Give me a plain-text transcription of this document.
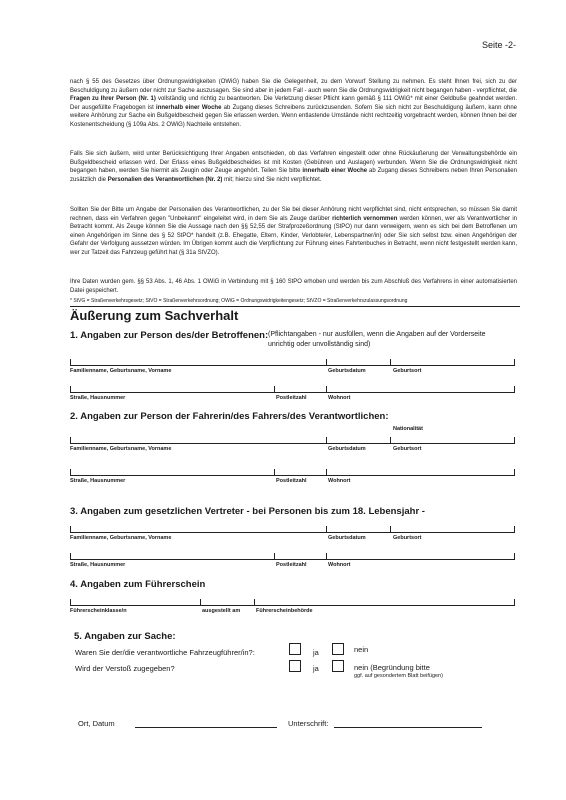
Seite -2-

nach § 55 des Gesetzes über Ordnungswidrigkeiten (OWiG) haben Sie die Gelegenheit, zu dem Vorwurf Stellung zu nehmen. Es steht Ihnen frei, sich zu der Beschuldigung zu äußern oder nicht zur Sache auszusagen. Sie sind aber in jedem Fall - auch wenn Sie die Ordnungswidrigkeit nicht begangen haben - verpflichtet, die Fragen zu Ihrer Person (Nr. 1) vollständig und richtig zu beantworten. Die Verletzung dieser Pflicht kann gemäß § 111 OWiG* mit einer Geldbuße geahndet werden. Der ausgefüllte Fragebogen ist innerhalb einer Woche ab Zugang dieses Schreibens zurückzusenden. Sofern Sie sich nicht zur Beschuldigung äußern, kann ohne weitere Anhörung zur Sache ein Bußgeldbescheid gegen Sie erlassen werden. Wenn entlastende Umstände nicht rechtzeitig vorgebracht werden, können Ihnen bei der Kostenentscheidung (§ 109a Abs. 2 OWiG) Nachteile entstehen.

Falls Sie sich äußern, wird unter Berücksichtigung Ihrer Angaben entschieden, ob das Verfahren eingestellt oder ohne Rückäußerung der Verwaltungsbehörde ein Bußgeldbescheid erlassen wird. Der Erlass eines Bußgeldbescheides ist mit Kosten (Gebühren und Auslagen) verbunden. Wenn Sie die Ordnungswidrigkeit nicht begangen haben, werden Sie hiermit als Zeugin oder Zeuge angehört. Teilen Sie bitte innerhalb einer Woche ab Zugang dieses Schreibens neben Ihren Personalien zusätzlich die Personalien des Verantwortlichen (Nr. 2) mit; hierzu sind Sie nicht verpflichtet.

Sollten Sie der Bitte um Angabe der Personalien des Verantwortlichen, zu der Sie bei dieser Anhörung nicht verpflichtet sind, nicht entsprechen, so müssen Sie damit rechnen, dass ein Verfahren gegen "Unbekannt" eingeleitet wird, in dem Sie als Zeuge darüber richterlich vernommen werden können, wer als Verantwortlicher in Betracht kommt. Als Zeuge können Sie die Aussage nach den §§ 52,55 der Strafprozeßordnung (StPO) nur dann verweigern, wenn es sich bei dem Betroffenen um einen Angehörigen im Sinne des § 52 StPO* handelt (z.B. Ehegatte, Eltern, Kinder, Verlobte/er, Lebenspartner/in) oder Sie sich selbst bzw. einen Angehörigen der Gefahr der Verfolgung aussetzen würden. Im Übrigen kommt auch die Verpflichtung zur Führung eines Fahrtenbuches in Betracht, wenn nicht festgestellt werden kann, wer zur Tatzeit das Fahrzeug geführt hat (§ 31a StVZO).

Ihre Daten wurden gem. §§ 53 Abs. 1, 46 Abs. 1 OWiG in Verbindung mit § 160 StPO erhoben und werden bis zum Abschluß des Verfahrens in einer automatisierten Datei gespeichert.

* StVG = Straßenverkehrsgesetz; StVO = Straßenverkehrsordnung; OWiG = Ordnungswidrigkeitengesetz; StVZO = Straßenverkehrszulassungsordnung
Äußerung zum Sachverhalt
1. Angaben zur Person des/der Betroffenen: (Pflichtangaben - nur ausfüllen, wenn die Angaben auf der Vorderseite unrichtig oder unvollständig sind)
Familienname, Geburtsname, Vorname	Geburtsdatum	Geburtsort
Straße, Hausnummer	Postleitzahl	Wohnort
2. Angaben zur Person der Fahrerin/des Fahrers/des Verantwortlichen:
Nationalität
Familienname, Geburtsname, Vorname	Geburtsdatum	Geburtsort
Straße, Hausnummer	Postleitzahl	Wohnort
3. Angaben zum gesetzlichen Vertreter - bei Personen bis zum 18. Lebensjahr -
Familienname, Geburtsname, Vorname	Geburtsdatum	Geburtsort
Straße, Hausnummer	Postleitzahl	Wohnort
4. Angaben zum Führerschein
Führerscheinklasse/n	ausgestellt am	Führerscheinbehörde
5. Angaben zur Sache:
Waren Sie der/die verantwortliche Fahrzeugführer/in?:	ja	nein
Wird der Verstoß zugegeben?	ja	nein (Begründung bitte
ggf. auf gesondertem Blatt beifügen)
Ort, Datum	Unterschrift:
